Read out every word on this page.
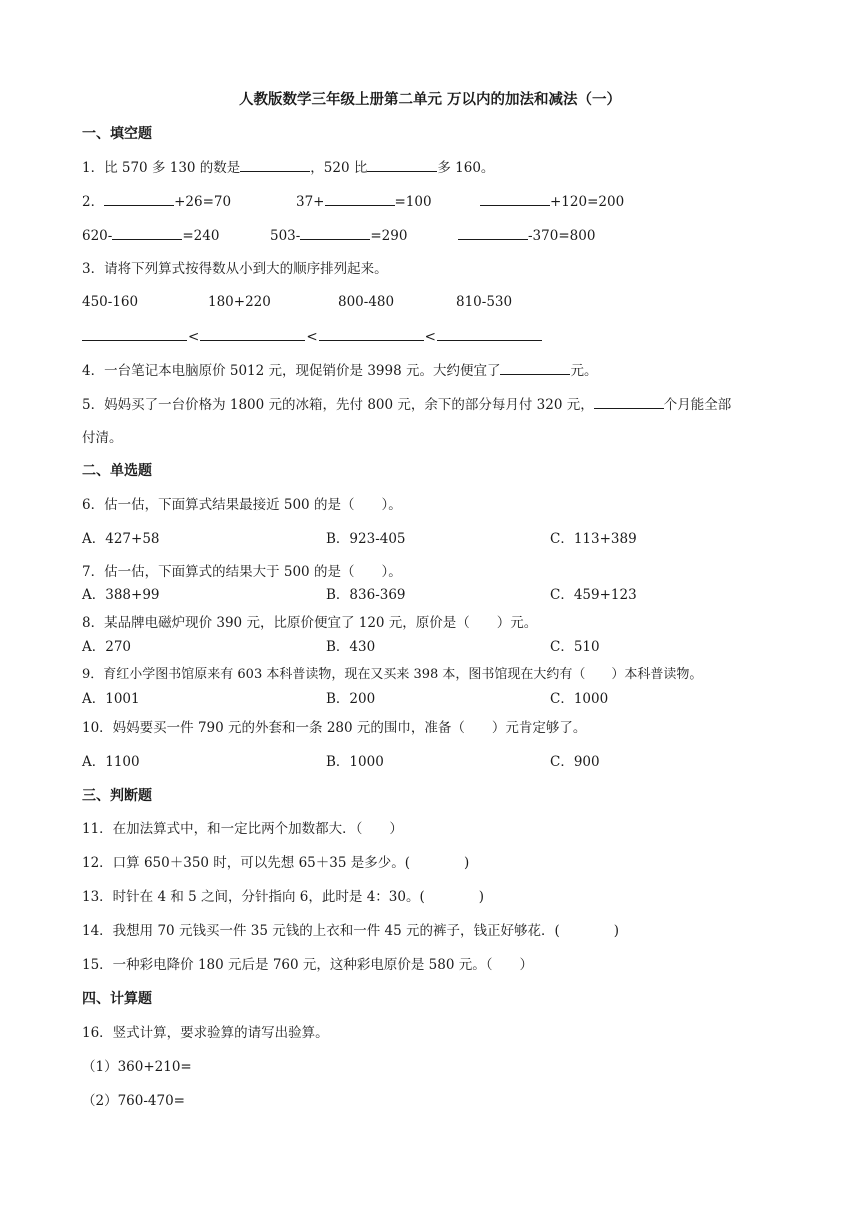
人教版数学三年级上册第二单元 万以内的加法和减法（一）
一、填空题
1．比 570 多 130 的数是	，520 比	多 160。
2．	+26=70	37+	=100	+120=200
620-	=240	503-	=290	-370=800
3．请将下列算式按得数从小到大的顺序排列起来。
450-160	180+220	800-480	810-530
<	<	<
4．一台笔记本电脑原价 5012 元，现促销价是 3998 元。大约便宜了	元。
5．妈妈买了一台价格为 1800 元的冰箱，先付 800 元，余下的部分每月付 320 元，	个月能全部
付清。
二、单选题
6．估一估，下面算式结果最接近 500 的是（　　）。
A．427+58	B．923-405	C．113+389
7．估一估，下面算式的结果大于 500 的是（　　）。
A．388+99	B．836-369	C．459+123
8．某品牌电磁炉现价 390 元，比原价便宜了 120 元，原价是（　　）元。
A．270	B．430	C．510
9．育红小学图书馆原来有 603 本科普读物，现在又买来 398 本，图书馆现在大约有（　　）本科普读物。
A．1001	B．200	C．1000
10．妈妈要买一件 790 元的外套和一条 280 元的围巾，准备（　　）元肯定够了。
A．1100	B．1000	C．900
三、判断题
11．在加法算式中，和一定比两个加数都大．（　　）
12．口算 650＋350 时，可以先想 65＋35 是多少。(　　　　)
13．时针在 4 和 5 之间，分针指向 6，此时是 4：30。(　　　　)
14．我想用 70 元钱买一件 35 元钱的上衣和一件 45 元的裤子，钱正好够花．(　　　　)
15．一种彩电降价 180 元后是 760 元，这种彩电原价是 580 元。（　　）
四、计算题
16．竖式计算，要求验算的请写出验算。
（1）360+210=
（2）760-470=
